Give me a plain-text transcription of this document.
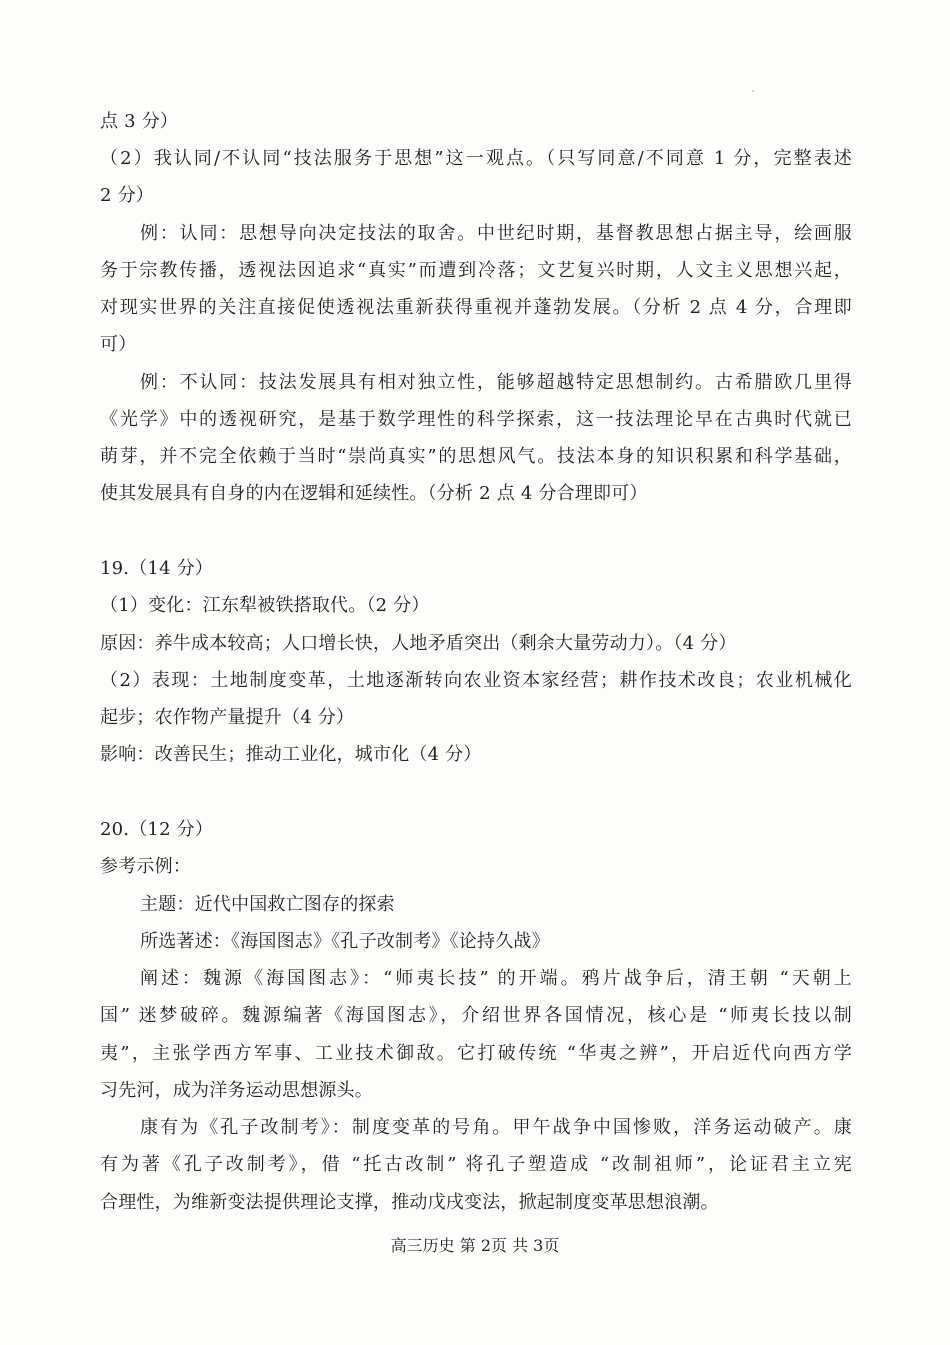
点 3 分）
（2）我认同/不认同“技法服务于思想”这一观点。（只写同意/不同意 1 分，完整表述
2 分）
例：认同：思想导向决定技法的取舍。中世纪时期，基督教思想占据主导，绘画服
务于宗教传播，透视法因追求“真实”而遭到冷落；文艺复兴时期，人文主义思想兴起，
对现实世界的关注直接促使透视法重新获得重视并蓬勃发展。（分析 2 点 4 分，合理即
可）
例：不认同：技法发展具有相对独立性，能够超越特定思想制约。古希腊欧几里得
《光学》中的透视研究，是基于数学理性的科学探索，这一技法理论早在古典时代就已
萌芽，并不完全依赖于当时“崇尚真实”的思想风气。技法本身的知识积累和科学基础，
使其发展具有自身的内在逻辑和延续性。（分析 2 点 4 分合理即可）
19.（14 分）
（1）变化：江东犁被铁搭取代。（2 分）
原因：养牛成本较高；人口增长快，人地矛盾突出（剩余大量劳动力）。（4 分）
（2）表现：土地制度变革，土地逐渐转向农业资本家经营；耕作技术改良；农业机械化
起步；农作物产量提升（4 分）
影响：改善民生；推动工业化，城市化（4 分）
20.（12 分）
参考示例：
主题：近代中国救亡图存的探索
所选著述：《海国图志》《孔子改制考》《论持久战》
阐述：魏源《海国图志》：“师夷长技” 的开端。鸦片战争后，清王朝 “天朝上
国” 迷梦破碎。魏源编著《海国图志》，介绍世界各国情况，核心是 “师夷长技以制
夷”，主张学西方军事、工业技术御敌。它打破传统 “华夷之辨”，开启近代向西方学
习先河，成为洋务运动思想源头。
康有为《孔子改制考》：制度变革的号角。甲午战争中国惨败，洋务运动破产。康
有为著《孔子改制考》，借 “托古改制” 将孔子塑造成 “改制祖师”，论证君主立宪
合理性，为维新变法提供理论支撑，推动戊戌变法，掀起制度变革思想浪潮。
高三历史 第 2页 共 3页
